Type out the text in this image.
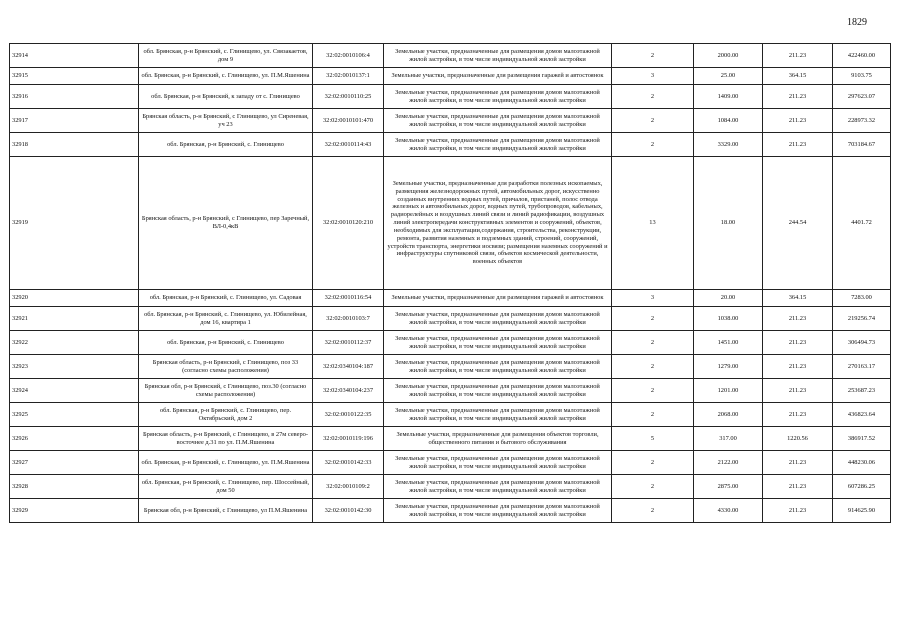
1829
32914	обл. Брянская, р-н Брянский, с. Глинищево, ул. Связакаетов, дом 9	32:02:0010106:4	Земельные участки, предназначенные для размещения домов малоэтажной жилой застройки, в том числе индивидуальной жилой застройки	2	2000.00	211.23	422460.00
32915	обл. Брянская, р-н Брянский, с. Глинищево, ул. П.М.Яшенина	32:02:0010137:1	Земельные участки, предназначенные для размещения гаражей и автостоянок	3	25.00	364.15	9103.75
32916	обл. Брянская, р-н Брянский, к западу от с. Глинищево	32:02:0010110:25	Земельные участки, предназначенные для размещения домов малоэтажной жилой застройки, в том числе индивидуальной жилой застройки	2	1409.00	211.23	297623.07
32917	Брянская область, р-н Брянский, с Глинищево, ул Сиреневая, уч 23	32:02:0010101:470	Земельные участки, предназначенные для размещения домов малоэтажной жилой застройки, в том числе индивидуальной жилой застройки	2	1084.00	211.23	228973.32
32918	обл. Брянская, р-н Брянский, с. Глинищево	32:02:0010114:43	Земельные участки, предназначенные для размещения домов малоэтажной жилой застройки, в том числе индивидуальной жилой застройки	2	3329.00	211.23	703184.67
32919	Брянская область, р-н Брянский, с Глинищево, пер Заречный, ВЛ-0,4кВ	32:02:0010120:210	Земельные участки, предназначенные для разработки полезных ископаемых, размещения железнодорожных путей, автомобильных дорог, искусственно созданных внутренних водных путей, причалов, пристаней, полос отвода железных и автомобильных дорог, водных путей, трубопроводов, кабельных, радиорелейных и воздушных линий связи и линий радиофикации, воздушных линий электропередачи конструктивных элементов и сооружений, объектов, необходимых для эксплуатации,содержания, строительства, реконструкции, ремонта, развития наземных и подземных зданий, строений, сооружений, устройств транспорта, энергетики иосвязи; размещения наземных сооружений и инфраструктуры спутниковой связи, объектов космической деятельности, военных объектов	13	18.00	244.54	4401.72
32920	обл. Брянская, р-н Брянский, с. Глинищево, ул. Садовая	32:02:0010116:54	Земельные участки, предназначенные для размещения гаражей и автостоянок	3	20.00	364.15	7283.00
32921	обл. Брянская, р-н Брянский, с. Глинищево, ул. Юбилейная, дом 16, квартира 1	32:02:0010103:7	Земельные участки, предназначенные для размещения домов малоэтажной жилой застройки, в том числе индивидуальной жилой застройки	2	1038.00	211.23	219256.74
32922	обл. Брянская, р-н Брянский, с. Глинищево	32:02:0010112:37	Земельные участки, предназначенные для размещения домов малоэтажной жилой застройки, в том числе индивидуальной жилой застройки	2	1451.00	211.23	306494.73
32923	Брянская область, р-н Брянский, с Глинищево, поз 33 (согласно схемы расположения)	32:02:0340104:187	Земельные участки, предназначенные для размещения домов малоэтажной жилой застройки, в том числе индивидуальной жилой застройки	2	1279.00	211.23	270163.17
32924	Брянская обл, р-н Брянский, с Глинищево, поз.30 (согласно схемы расположения)	32:02:0340104:237	Земельные участки, предназначенные для размещения домов малоэтажной жилой застройки, в том числе индивидуальной жилой застройки	2	1201.00	211.23	253687.23
32925	обл. Брянская, р-н Брянский, с. Глинищево, пер. Октябрьский, дом 2	32:02:0010122:35	Земельные участки, предназначенные для размещения домов малоэтажной жилой застройки, в том числе индивидуальной жилой застройки	2	2068.00	211.23	436823.64
32926	Брянская область, р-н Брянский, с Глинищево, в 27м северо-восточнее д.31 по ул. П.М.Яшенина	32:02:0010119:196	Земельные участки, предназначенные для размещения объектов торговли, общественного питания и бытового обслуживания	5	317.00	1220.56	386917.52
32927	обл. Брянская, р-н Брянский, с. Глинищево, ул. П.М.Яшенина	32:02:0010142:33	Земельные участки, предназначенные для размещения домов малоэтажной жилой застройки, в том числе индивидуальной жилой застройки	2	2122.00	211.23	448230.06
32928	обл. Брянская, р-н Брянский, с. Глинищево, пер. Шоссейный, дом 50	32:02:0010109:2	Земельные участки, предназначенные для размещения домов малоэтажной жилой застройки, в том числе индивидуальной жилой застройки	2	2875.00	211.23	607286.25
32929	Брянская обл, р-н Брянский, с Глинищево, ул П.М.Яшенина	32:02:0010142:30	Земельные участки, предназначенные для размещения домов малоэтажной жилой застройки, в том числе индивидуальной жилой застройки	2	4330.00	211.23	914625.90
